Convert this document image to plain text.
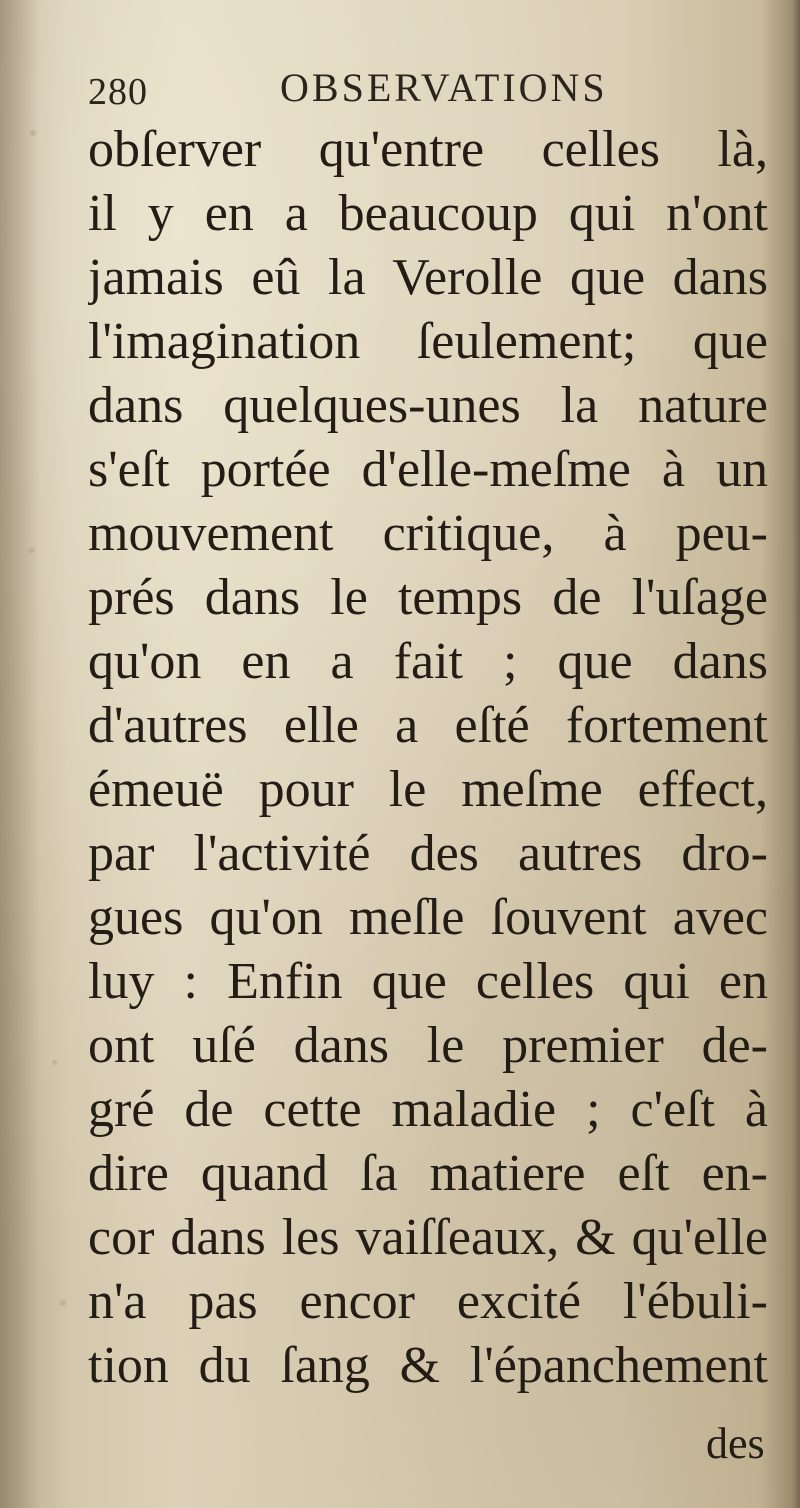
280	OBSERVATIONS
obſerver qu'entre celles là,
il y en a beaucoup qui n'ont
jamais eû la Verolle que dans
l'imagination ſeulement; que
dans quelques-unes la nature
s'eſt portée d'elle-meſme à un
mouvement critique, à peu-
prés dans le temps de l'uſage
qu'on en a fait ; que dans
d'autres elle a eſté fortement
émeuë pour le meſme effect,
par l'activité des autres dro-
gues qu'on meſle ſouvent avec
luy : Enfin que celles qui en
ont uſé dans le premier de-
gré de cette maladie ; c'eſt à
dire quand ſa matiere eſt en-
cor dans les vaiſſeaux, & qu'elle
n'a pas encor excité l'ébuli-
tion du ſang & l'épanchement
des
